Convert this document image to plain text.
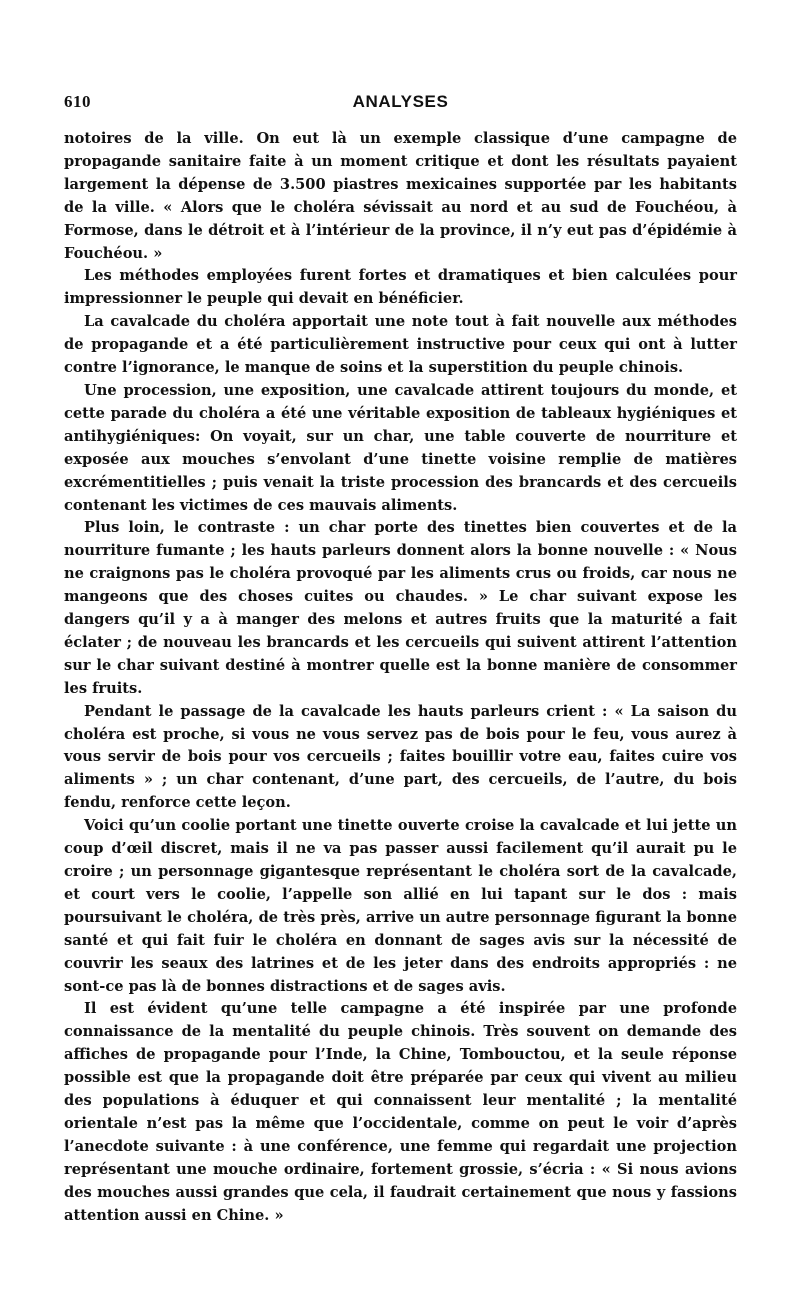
610	ANALYSES

notoires de la ville. On eut là un exemple classique d’une campagne de propagande sanitaire faite à un moment critique et dont les résultats payaient largement la dépense de 3.500 piastres mexicaines supportée par les habitants de la ville. « Alors que le choléra sévissait au nord et au sud de Fouchéou, à Formose, dans le détroit et à l’intérieur de la province, il n’y eut pas d’épidémie à Fouchéou. »

Les méthodes employées furent fortes et dramatiques et bien calculées pour impressionner le peuple qui devait en bénéficier.

La cavalcade du choléra apportait une note tout à fait nouvelle aux méthodes de propagande et a été particulièrement instructive pour ceux qui ont à lutter contre l’ignorance, le manque de soins et la superstition du peuple chinois.

Une procession, une exposition, une cavalcade attirent toujours du monde, et cette parade du choléra a été une véritable exposition de tableaux hygiéniques et antihygiéniques: On voyait, sur un char, une table couverte de nourriture et exposée aux mouches s’envolant d’une tinette voisine remplie de matières excrémentitielles ; puis venait la triste procession des brancards et des cercueils contenant les victimes de ces mauvais aliments.

Plus loin, le contraste : un char porte des tinettes bien couvertes et de la nourriture fumante ; les hauts parleurs donnent alors la bonne nouvelle : « Nous ne craignons pas le choléra provoqué par les aliments crus ou froids, car nous ne mangeons que des choses cuites ou chaudes. » Le char suivant expose les dangers qu’il y a à manger des melons et autres fruits que la maturité a fait éclater ; de nouveau les brancards et les cercueils qui suivent attirent l’attention sur le char suivant destiné à montrer quelle est la bonne manière de consommer les fruits.

Pendant le passage de la cavalcade les hauts parleurs crient : « La saison du choléra est proche, si vous ne vous servez pas de bois pour le feu, vous aurez à vous servir de bois pour vos cercueils ; faites bouillir votre eau, faites cuire vos aliments » ; un char contenant, d’une part, des cercueils, de l’autre, du bois fendu, renforce cette leçon.

Voici qu’un coolie portant une tinette ouverte croise la cavalcade et lui jette un coup d’œil discret, mais il ne va pas passer aussi facilement qu’il aurait pu le croire ; un personnage gigantesque représentant le choléra sort de la cavalcade, et court vers le coolie, l’appelle son allié en lui tapant sur le dos : mais poursuivant le choléra, de très près, arrive un autre personnage figurant la bonne santé et qui fait fuir le choléra en donnant de sages avis sur la nécessité de couvrir les seaux des latrines et de les jeter dans des endroits appropriés : ne sont-ce pas là de bonnes distractions et de sages avis.

Il est évident qu’une telle campagne a été inspirée par une profonde connaissance de la mentalité du peuple chinois. Très souvent on demande des affiches de propagande pour l’Inde, la Chine, Tombouctou, et la seule réponse possible est que la propagande doit être préparée par ceux qui vivent au milieu des populations à éduquer et qui connaissent leur mentalité ; la mentalité orientale n’est pas la même que l’occidentale, comme on peut le voir d’après l’anecdote suivante : à une conférence, une femme qui regardait une projection représentant une mouche ordinaire, fortement grossie, s’écria : « Si nous avions des mouches aussi grandes que cela, il faudrait certainement que nous y fassions attention aussi en Chine. »
